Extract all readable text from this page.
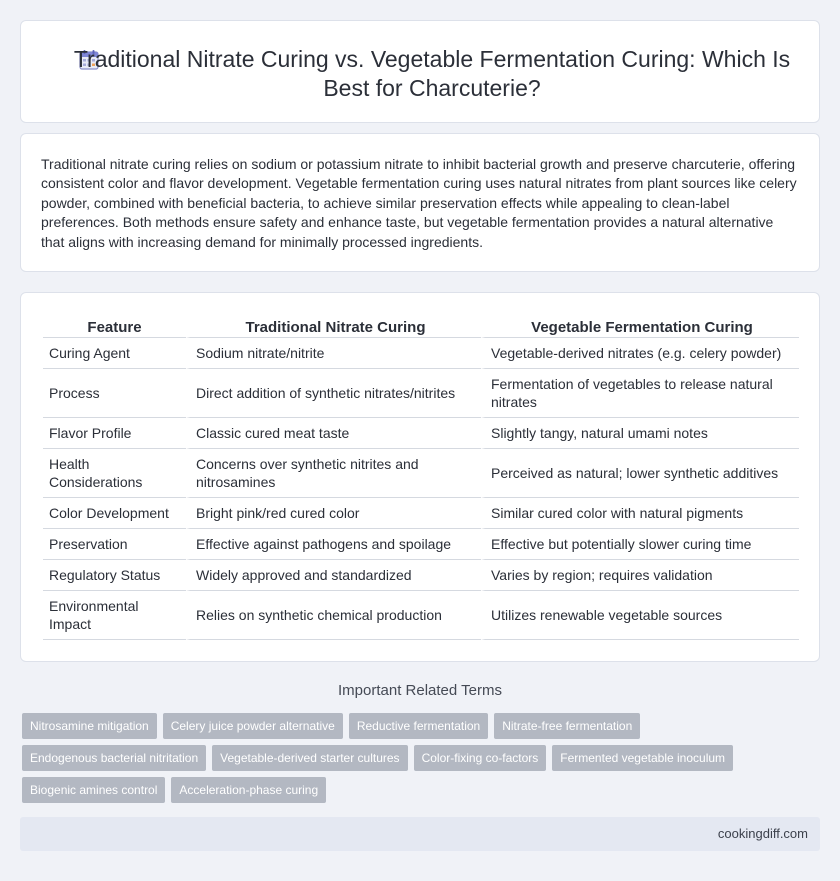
Traditional Nitrate Curing vs. Vegetable Fermentation Curing: Which Is Best for Charcuterie?

Traditional nitrate curing relies on sodium or potassium nitrate to inhibit bacterial growth and preserve charcuterie, offering consistent color and flavor development. Vegetable fermentation curing uses natural nitrates from plant sources like celery powder, combined with beneficial bacteria, to achieve similar preservation effects while appealing to clean-label preferences. Both methods ensure safety and enhance taste, but vegetable fermentation provides a natural alternative that aligns with increasing demand for minimally processed ingredients.

Feature	Traditional Nitrate Curing	Vegetable Fermentation Curing
Curing Agent	Sodium nitrate/nitrite	Vegetable-derived nitrates (e.g. celery powder)
Process	Direct addition of synthetic nitrates/nitrites	Fermentation of vegetables to release natural nitrates
Flavor Profile	Classic cured meat taste	Slightly tangy, natural umami notes
Health Considerations	Concerns over synthetic nitrites and nitrosamines	Perceived as natural; lower synthetic additives
Color Development	Bright pink/red cured color	Similar cured color with natural pigments
Preservation	Effective against pathogens and spoilage	Effective but potentially slower curing time
Regulatory Status	Widely approved and standardized	Varies by region; requires validation
Environmental Impact	Relies on synthetic chemical production	Utilizes renewable vegetable sources
Important Related Terms
Nitrosamine mitigation	Celery juice powder alternative	Reductive fermentation	Nitrate-free fermentation
Endogenous bacterial nitritation	Vegetable-derived starter cultures	Color-fixing co-factors	Fermented vegetable inoculum
Biogenic amines control	Acceleration-phase curing
cookingdiff.com
